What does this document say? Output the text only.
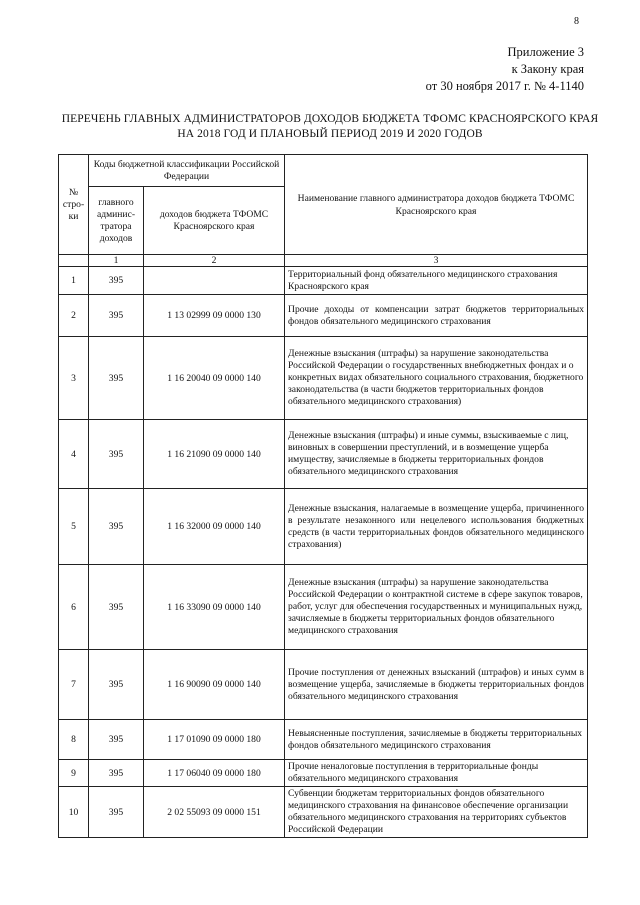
8
Приложение 3
к Закону края
от 30 ноября 2017 г. № 4-1140
ПЕРЕЧЕНЬ ГЛАВНЫХ АДМИНИСТРАТОРОВ ДОХОДОВ БЮДЖЕТА ТФОМС КРАСНОЯРСКОГО КРАЯ
НА 2018 ГОД И ПЛАНОВЫЙ ПЕРИОД 2019 И 2020 ГОДОВ
№ стро-ки	Коды бюджетной классификации Российской Федерации		Наименование главного администратора доходов бюджета ТФОМС Красноярского края
	главного админис-тратора доходов	доходов бюджета ТФОМС Красноярского края	
	1	2	3
1	395		Территориальный фонд обязательного медицинского страхования Красноярского края
2	395	1 13 02999 09 0000 130	Прочие доходы от компенсации затрат бюджетов территориальных фондов обязательного медицинского страхования
3	395	1 16 20040 09 0000 140	Денежные взыскания (штрафы) за нарушение законодательства Российской Федерации о государственных внебюджетных фондах и о конкретных видах обязательного социального страхования, бюджетного законодательства (в части бюджетов территориальных фондов обязательного медицинского страхования)
4	395	1 16 21090 09 0000 140	Денежные взыскания (штрафы) и иные суммы, взыскиваемые с лиц, виновных в совершении преступлений, и в возмещение ущерба имуществу, зачисляемые в бюджеты территориальных фондов обязательного медицинского страхования
5	395	1 16 32000 09 0000 140	Денежные взыскания, налагаемые в возмещение ущерба, причиненного в результате незаконного или нецелевого использования бюджетных средств (в части территориальных фондов обязательного медицинского страхования)
6	395	1 16 33090 09 0000 140	Денежные взыскания (штрафы) за нарушение законодательства Российской Федерации о контрактной системе в сфере закупок товаров, работ, услуг для обеспечения государственных и муниципальных нужд, зачисляемые в бюджеты территориальных фондов обязательного медицинского страхования
7	395	1 16 90090 09 0000 140	Прочие поступления от денежных взысканий (штрафов) и иных сумм в возмещение ущерба, зачисляемые в бюджеты территориальных фондов обязательного медицинского страхования
8	395	1 17 01090 09 0000 180	Невыясненные поступления, зачисляемые в бюджеты территориальных фондов обязательного медицинского страхования
9	395	1 17 06040 09 0000 180	Прочие неналоговые поступления в территориальные фонды обязательного медицинского страхования
10	395	2 02 55093 09 0000 151	Субвенции бюджетам территориальных фондов обязательного медицинского страхования на финансовое обеспечение организации обязательного медицинского страхования на территориях субъектов Российской Федерации
